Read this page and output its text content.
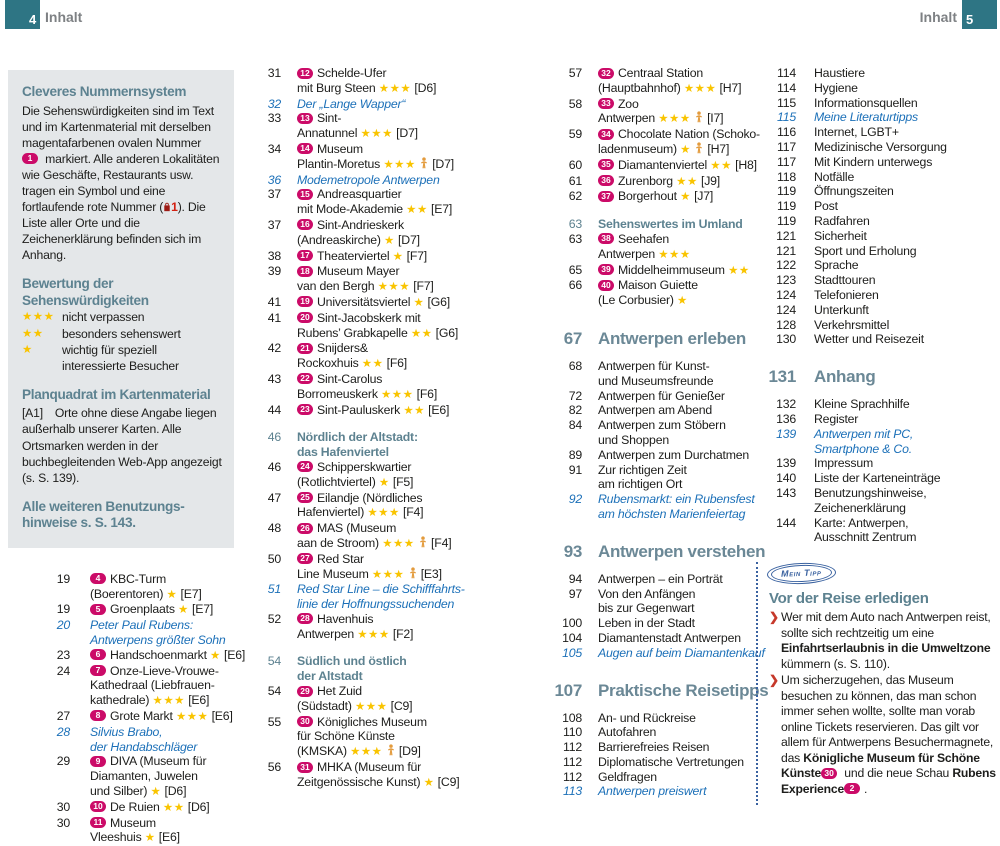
4 Inhalt	Inhalt 5
Cleveres Nummernsystem

Die Sehenswürdigkeiten sind im Text und im Kartenmaterial mit derselben magentafarbenen ovalen Nummer 1 markiert. Alle anderen Lokalitäten wie Geschäfte, Restaurants usw. tragen ein Symbol und eine fortlaufende rote Nummer ( 1). Die Liste aller Orte und die Zeichenerklärung befinden sich im Anhang.

Bewertung der
Sehenswürdigkeiten
★★★ nicht verpassen
★★	besonders sehenswert
★	wichtig für speziell interessierte Besucher
Planquadrat im Kartenmaterial

[A1] Orte ohne diese Angabe liegen außerhalb unserer Karten. Alle Ortsmarken werden in der buchbegleitenden Web-App angezeigt (s. S. 139).

Alle weiteren Benutzungs-
hinweise s. S. 143.
19	4 KBC-Turm
(Boerentoren) ★ [E7]
19	5 Groenplaats ★ [E7]
20 Peter Paul Rubens:
Antwerpens größter Sohn
23	6 Handschoenmarkt ★ [E6]
24	7 Onze-Lieve-Vrouwe-
Kathedraal (Liebfrauen-
kathedrale) ★★★ [E6]
27	8 Grote Markt ★★★ [E6]
28 Silvius Brabo,
der Handabschläger
29	9 DIVA (Museum für
Diamanten, Juwelen
und Silber) ★ [D6]
30	10 De Ruien ★★ [D6]
30	11 Museum
Vleeshuis ★ [E6]
31	12 Schelde-Ufer
mit Burg Steen ★★★ [D6]
32 Der „Lange Wapper“
33	13 Sint-
Annatunnel ★★★ [D7]
34	14 Museum
Plantin-Moretus ★★★  [D7]
36 Modemetropole Antwerpen
37	15 Andreasquartier
mit Mode-Akademie ★★ [E7]
37	16 Sint-Andrieskerk
(Andreaskirche) ★ [D7]
38	17 Theaterviertel ★ [F7]
39	18 Museum Mayer
van den Bergh ★★★ [F7]
41	19 Universitätsviertel ★ [G6]
41	20 Sint-Jacobskerk mit
Rubens’ Grabkapelle ★★ [G6]
42	21 Snijders&
Rockoxhuis ★★ [F6]
43	22 Sint-Carolus
Borromeuskerk ★★★ [F6]
44	23 Sint-Pauluskerk ★★ [E6]
46 Nördlich der Altstadt:
das Hafenviertel
46	24 Schipperskwartier
(Rotlichtviertel) ★ [F5]
47	25 Eilandje (Nördliches
Hafenviertel) ★★★ [F4]
48	26 MAS (Museum
aan de Stroom) ★★★  [F4]
50	27 Red Star
Line Museum ★★★  [E3]
51 Red Star Line – die Schifffahrts-
linie der Hoffnungssuchenden
52	28 Havenhuis
Antwerpen ★★★ [F2]
54 Südlich und östlich
der Altstadt
54	29 Het Zuid
(Südstadt) ★★★ [C9]
55	30 Königliches Museum
für Schöne Künste
(KMSKA) ★★★  [D9]
56	31 MHKA (Museum für
Zeitgenössische Kunst) ★ [C9]
57	32 Centraal Station
(Hauptbahnhof) ★★★ [H7]
58	33 Zoo
Antwerpen ★★★  [I7]
59	34 Chocolate Nation (Schoko-
ladenmuseum) ★  [H7]
60	35 Diamantenviertel ★★ [H8]
61	36 Zurenborg ★★ [J9]
62	37 Borgerhout ★ [J7]
63 Sehenswertes im Umland
63	38 Seehafen
Antwerpen ★★★
65	39 Middelheimmuseum ★★
66	40 Maison Guiette
(Le Corbusier) ★
67 Antwerpen erleben
68 Antwerpen für Kunst-
und Museumsfreunde
72 Antwerpen für Genießer
82 Antwerpen am Abend
84 Antwerpen zum Stöbern
und Shoppen
89 Antwerpen zum Durchatmen
91 Zur richtigen Zeit
am richtigen Ort
92 Rubensmarkt: ein Rubensfest
am höchsten Marienfeiertag
93 Antwerpen verstehen
94 Antwerpen – ein Porträt
97 Von den Anfängen
bis zur Gegenwart
100 Leben in der Stadt
104 Diamantenstadt Antwerpen
105 Augen auf beim Diamantenkauf
107 Praktische Reisetipps
108 An- und Rückreise
110 Autofahren
112 Barrierefreies Reisen
112 Diplomatische Vertretungen
112 Geldfragen
113 Antwerpen preiswert
114 Haustiere
114 Hygiene
115 Informationsquellen
115 Meine Literaturtipps
116 Internet, LGBT+
117 Medizinische Versorgung
117 Mit Kindern unterwegs
118 Notfälle
119 Öffnungszeiten
119 Post
119 Radfahren
121 Sicherheit
121 Sport und Erholung
122 Sprache
123 Stadttouren
124 Telefonieren
124 Unterkunft
128 Verkehrsmittel
130 Wetter und Reisezeit
131 Anhang
132 Kleine Sprachhilfe
136 Register
139 Antwerpen mit PC,
Smartphone & Co.
139 Impressum
140 Liste der Karteneinträge
143 Benutzungshinweise,
Zeichenerklärung
144 Karte: Antwerpen,
Ausschnitt Zentrum
Mein Tipp
Vor der Reise erledigen
❯ Wer mit dem Auto nach Antwerpen reist, sollte sich rechtzeitig um eine Einfahrtserlaubnis in die Umweltzone kümmern (s. S. 110).
❯ Um sicherzugehen, das Museum besuchen zu können, das man schon immer sehen wollte, sollte man vorab online Tickets reservieren. Das gilt vor allem für Antwerpens Besuchermagnete, das Königliche Museum für Schöne Künste 30 und die neue Schau Rubens Experience 2 .
